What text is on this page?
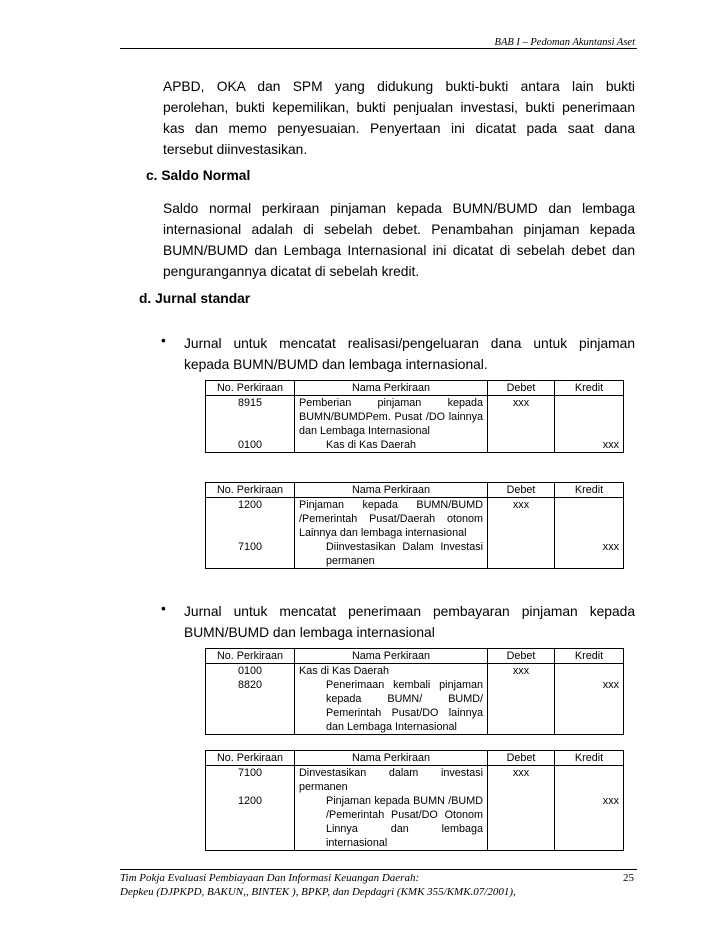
BAB I – Pedoman Akuntansi Aset
APBD, OKA dan SPM yang didukung bukti-bukti antara lain bukti
perolehan, bukti kepemilikan, bukti penjualan investasi, bukti penerimaan
kas dan memo penyesuaian. Penyertaan ini dicatat pada saat dana
tersebut diinvestasikan.
c. Saldo Normal
Saldo normal perkiraan pinjaman kepada BUMN/BUMD dan lembaga
internasional adalah di sebelah debet. Penambahan pinjaman kepada
BUMN/BUMD dan Lembaga Internasional ini dicatat di sebelah debet dan
pengurangannya dicatat di sebelah kredit.
d. Jurnal standar
• Jurnal untuk mencatat realisasi/pengeluaran dana untuk pinjaman
kepada BUMN/BUMD dan lembaga internasional.
No. Perkiraan	Nama Perkiraan	Debet	Kredit
8915	Pemberian pinjaman kepada BUMN/BUMDPem. Pusat /DO lainnya dan Lembaga Internasional	xxx	
0100	Kas di Kas Daerah		xxx
No. Perkiraan	Nama Perkiraan	Debet	Kredit
1200	Pinjaman kepada BUMN/BUMD /Pemerintah Pusat/Daerah otonom Lainnya dan lembaga internasional	xxx	
7100	Diinvestasikan Dalam Investasi permanen		xxx
• Jurnal untuk mencatat penerimaan pembayaran pinjaman kepada
BUMN/BUMD dan lembaga internasional
No. Perkiraan	Nama Perkiraan	Debet	Kredit
0100	Kas di Kas Daerah	xxx	
8820	Penerimaan kembali pinjaman kepada BUMN/ BUMD/ Pemerintah Pusat/DO lainnya dan Lembaga Internasional		xxx
No. Perkiraan	Nama Perkiraan	Debet	Kredit
7100	Dinvestasikan dalam investasi permanen	xxx	
1200	Pinjaman kepada BUMN /BUMD /Pemerintah Pusat/DO Otonom Linnya dan lembaga internasional		xxx
Tim Pokja Evaluasi Pembiayaan Dan Informasi Keuangan Daerah:
Depkeu (DJPKPD, BAKUN,, BINTEK ), BPKP, dan Depdagri (KMK 355/KMK.07/2001),
25
